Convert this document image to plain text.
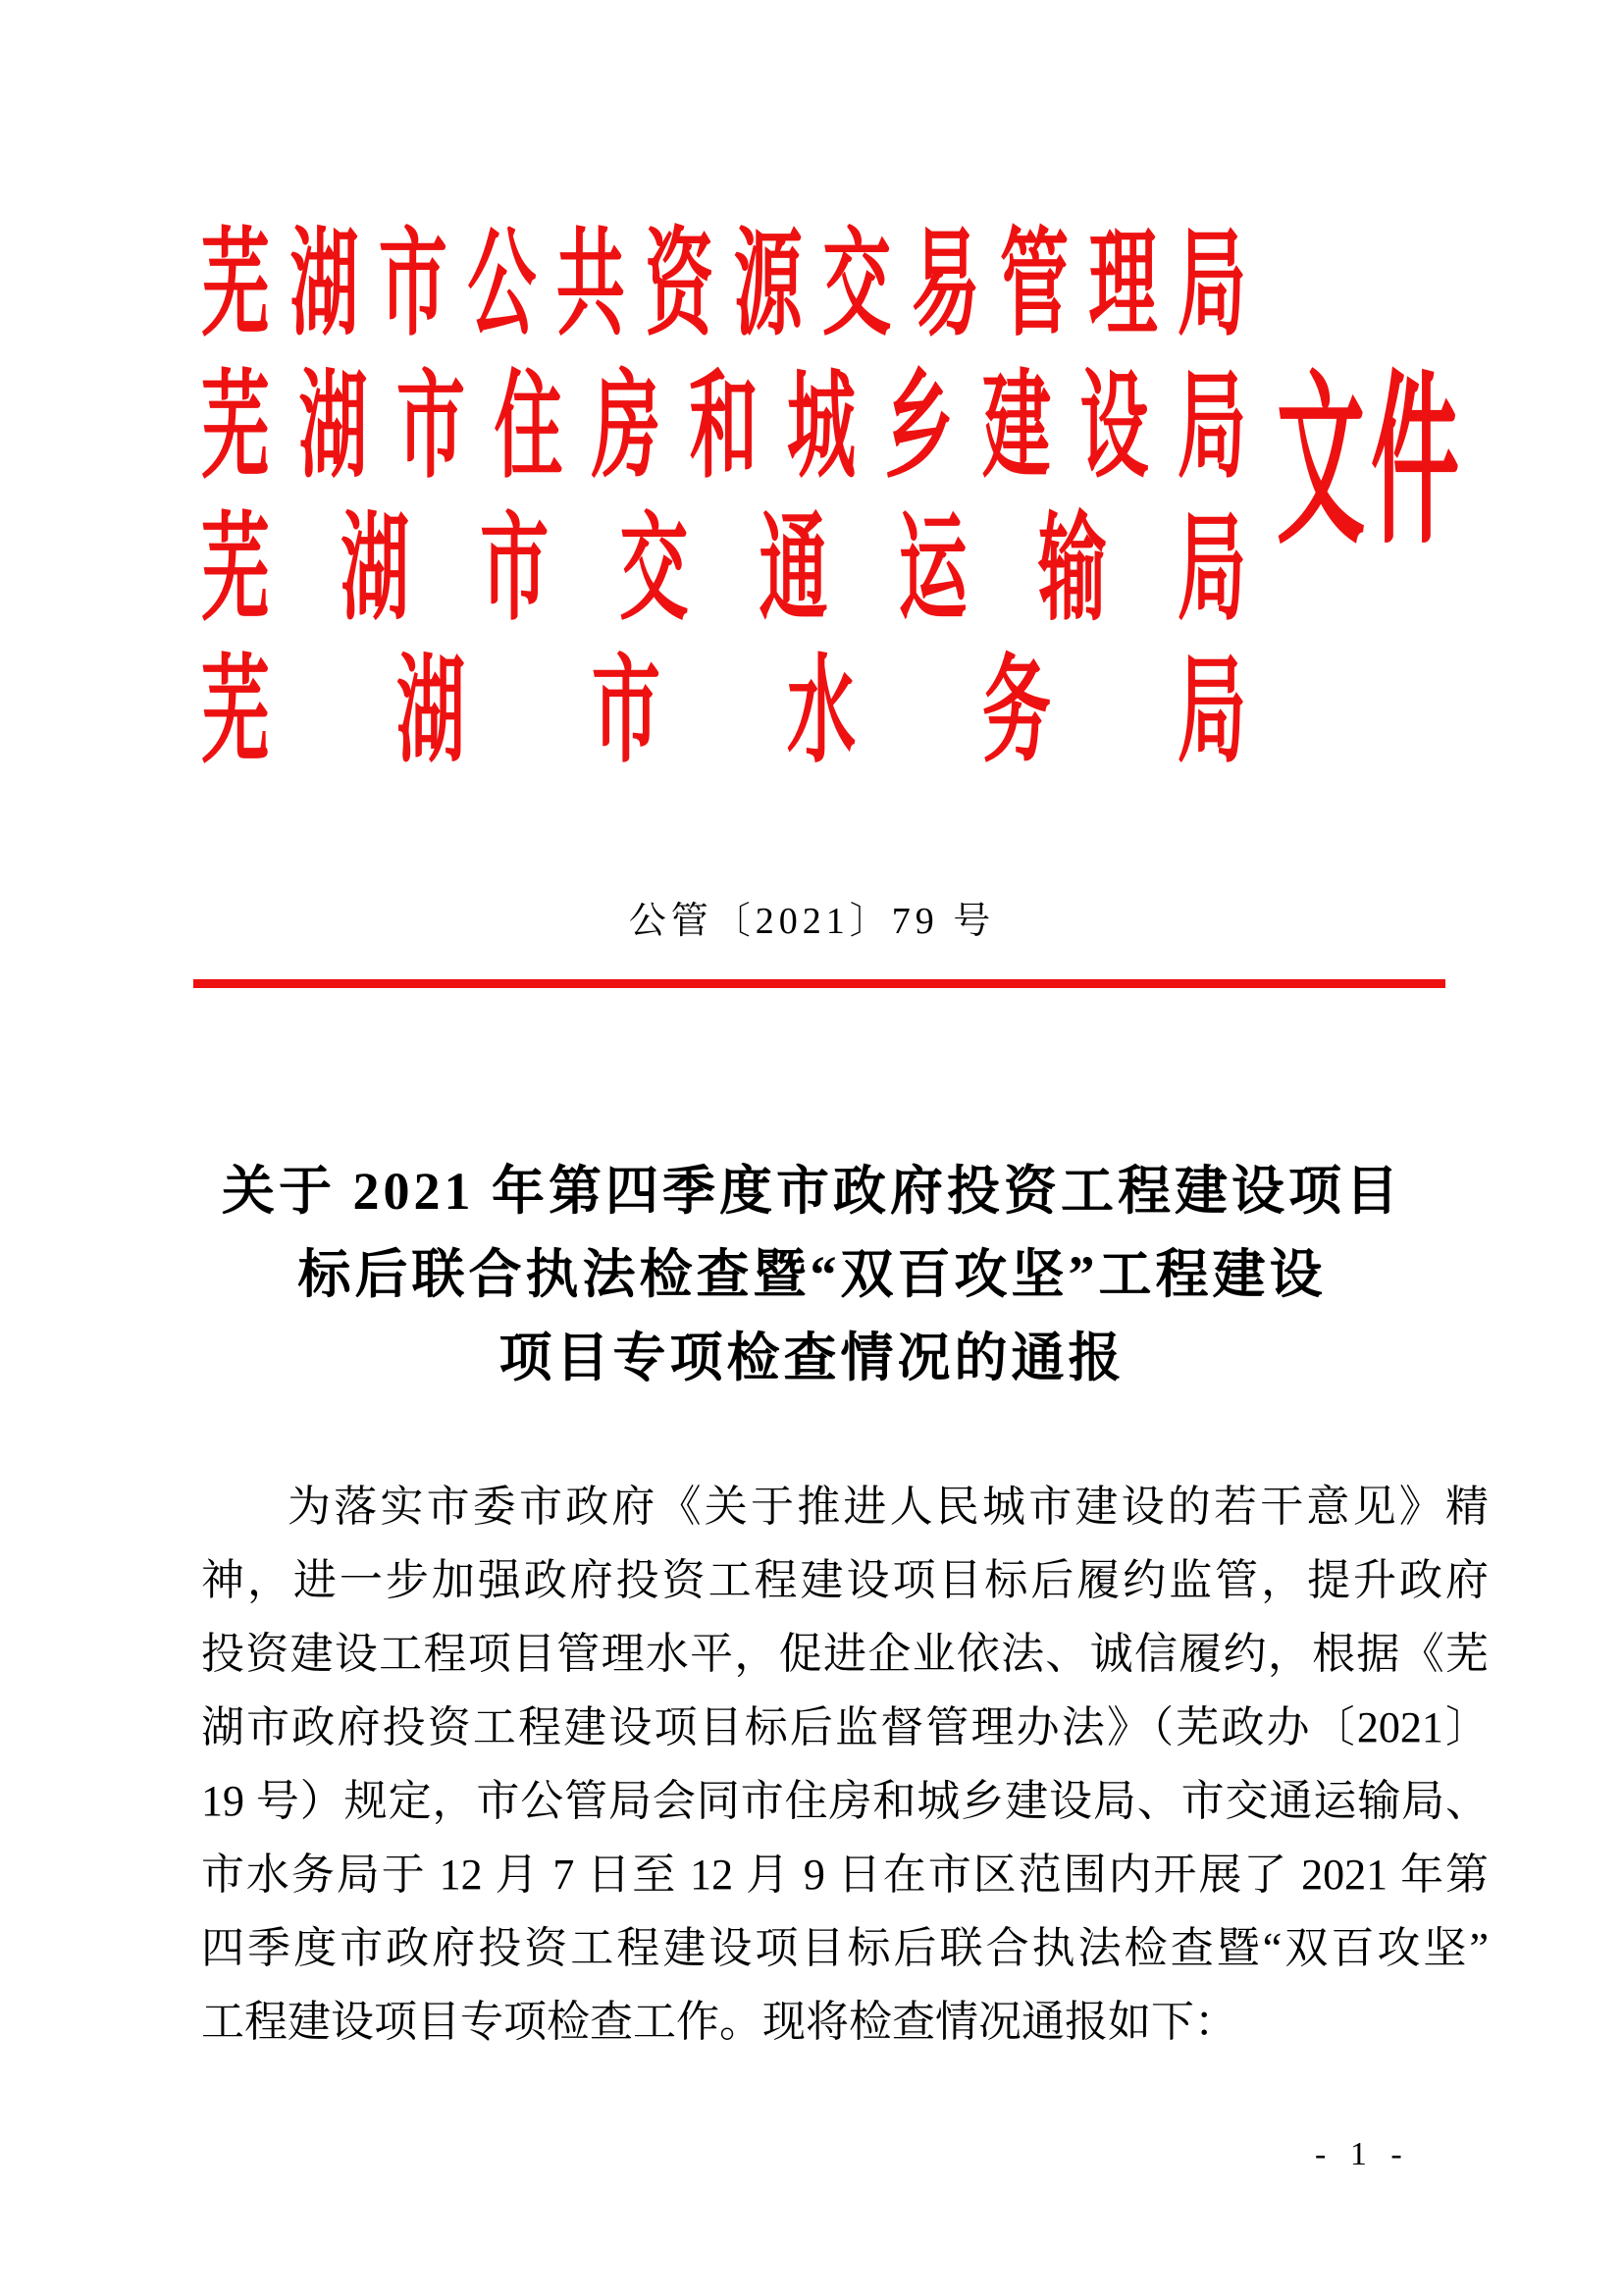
芜湖市公共资源交易管理局
芜湖市住房和城乡建设局
芜湖市交通运输局
芜湖市水务局
文件
公管〔2021〕79 号
关于 2021 年第四季度市政府投资工程建设项目
标后联合执法检查暨“双百攻坚”工程建设
项目专项检查情况的通报
为落实市委市政府《关于推进人民城市建设的若干意见》精
神，进一步加强政府投资工程建设项目标后履约监管，提升政府
投资建设工程项目管理水平，促进企业依法、诚信履约，根据《芜
湖市政府投资工程建设项目标后监督管理办法》（芜政办〔2021〕
19 号）规定，市公管局会同市住房和城乡建设局、市交通运输局、
市水务局于 12 月 7 日至 12 月 9 日在市区范围内开展了 2021 年第
四季度市政府投资工程建设项目标后联合执法检查暨“双百攻坚”
工程建设项目专项检查工作。现将检查情况通报如下：
- 1 -
